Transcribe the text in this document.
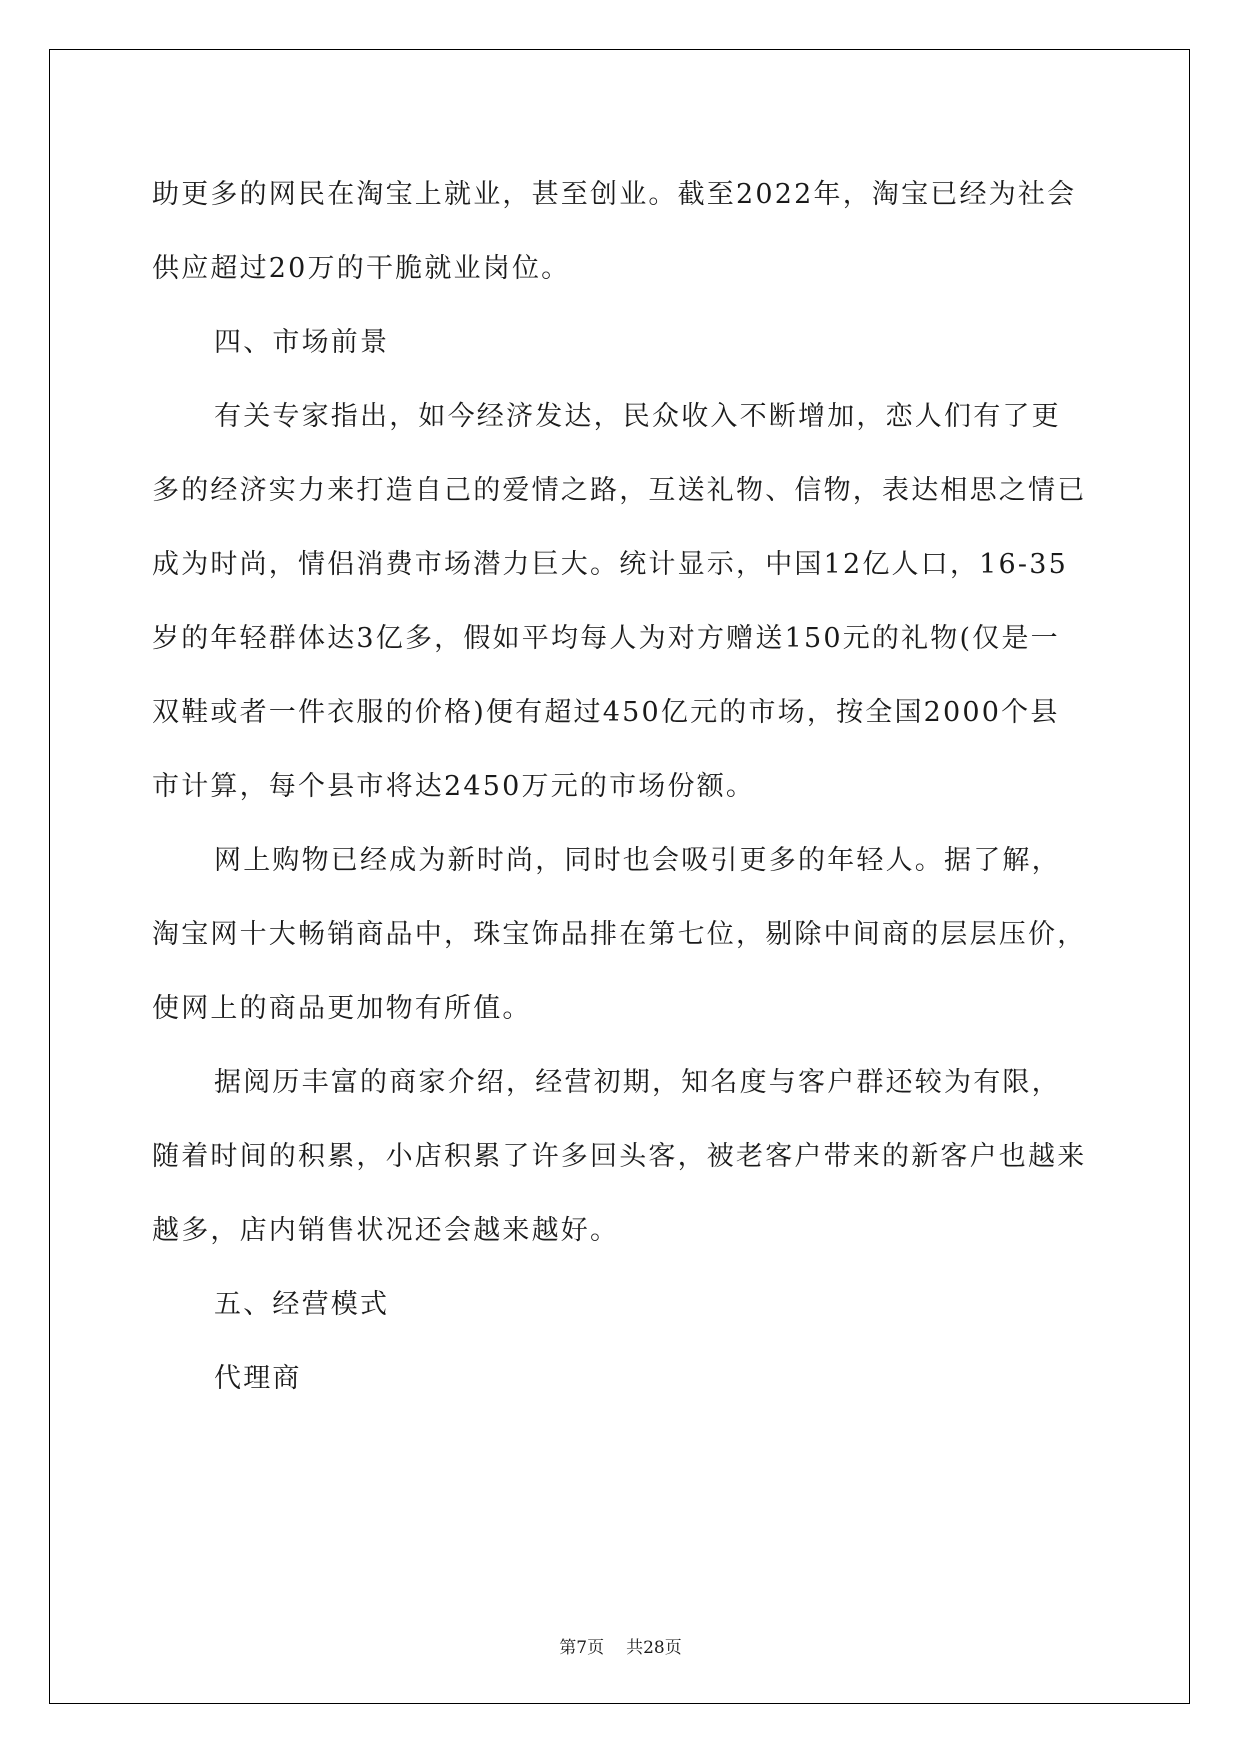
助更多的网民在淘宝上就业，甚至创业。截至2022年，淘宝已经为社会供应超过20万的干脆就业岗位。

四、市场前景

有关专家指出，如今经济发达，民众收入不断增加，恋人们有了更多的经济实力来打造自己的爱情之路，互送礼物、信物，表达相思之情已成为时尚，情侣消费市场潜力巨大。统计显示，中国12亿人口，16-35岁的年轻群体达3亿多，假如平均每人为对方赠送150元的礼物(仅是一双鞋或者一件衣服的价格)便有超过450亿元的市场，按全国2000个县市计算，每个县市将达2450万元的市场份额。

网上购物已经成为新时尚，同时也会吸引更多的年轻人。据了解，淘宝网十大畅销商品中，珠宝饰品排在第七位，剔除中间商的层层压价，使网上的商品更加物有所值。

据阅历丰富的商家介绍，经营初期，知名度与客户群还较为有限，随着时间的积累，小店积累了许多回头客，被老客户带来的新客户也越来越多，店内销售状况还会越来越好。

五、经营模式

代理商

第7页 共28页
